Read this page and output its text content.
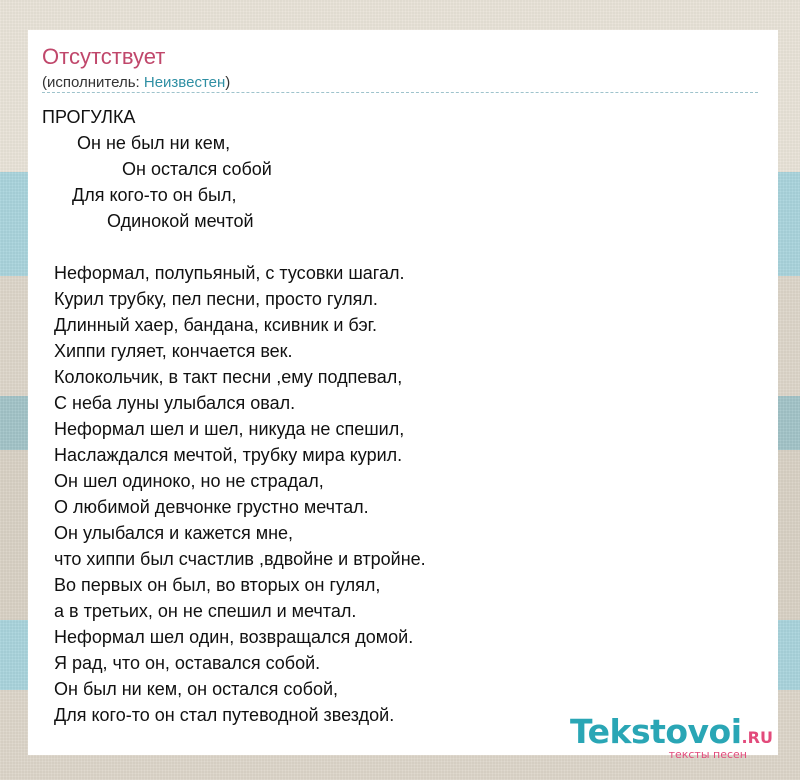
Отсутствует
(исполнитель: Неизвестен)
ПРОГУЛКА
Он не был ни кем,
Он остался собой
Для кого-то он был,
Одинокой мечтой
Неформал, полупьяный, с тусовки шагал.
Курил трубку, пел песни, просто гулял.
Длинный хаер, бандана, ксивник и бэг.
Хиппи гуляет, кончается век.
Колокольчик, в такт песни ,ему подпевал,
С неба луны улыбался овал.
Неформал шел и шел, никуда не спешил,
Наслаждался мечтой, трубку мира курил.
Он шел одиноко, но не страдал,
О любимой девчонке грустно мечтал.
Он улыбался и кажется мне,
что хиппи был счастлив ,вдвойне и втройне.
Во первых он был, во вторых он гулял,
а в третьих, он не спешил и мечтал.
Неформал шел один, возвращался домой.
Я рад, что он, оставался собой.
Он был ни кем, он остался собой,
Для кого-то он стал путеводной звездой.	Tekstovoi.RU
тексты песен
